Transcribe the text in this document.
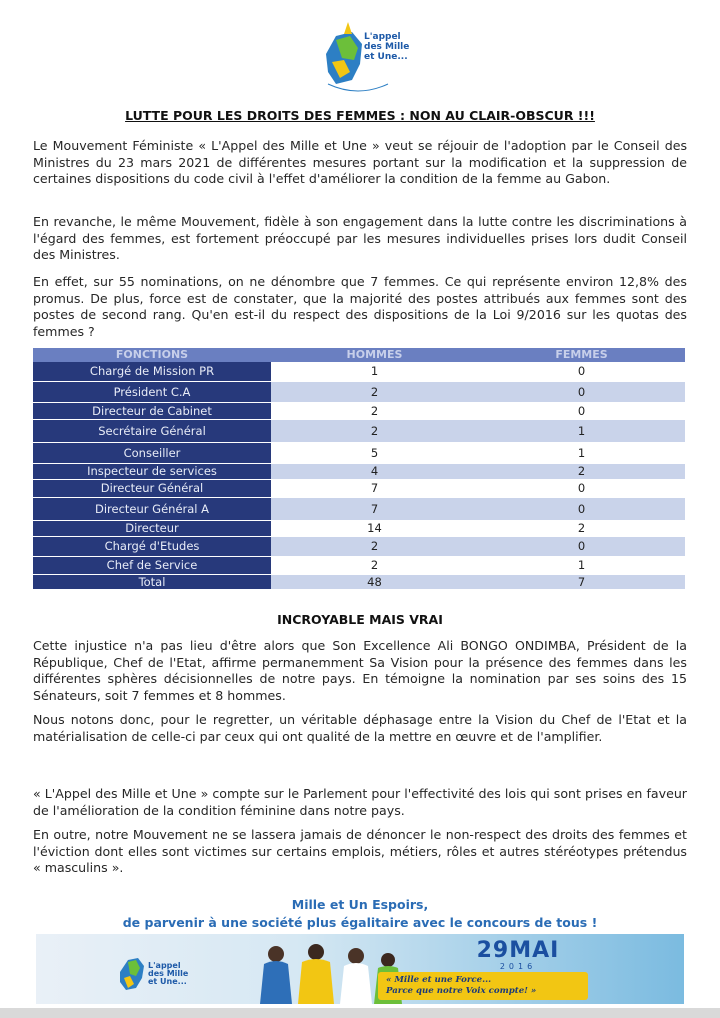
L'appel des Mille et Une...
LUTTE POUR LES DROITS DES FEMMES : NON AU CLAIR-OBSCUR !!!
Le Mouvement Féministe « L'Appel des Mille et Une » veut se réjouir de l'adoption par le Conseil des Ministres du 23 mars 2021 de différentes mesures portant sur la modification et la suppression de certaines dispositions du code civil à l'effet d'améliorer la condition de la femme au Gabon.
En revanche, le même Mouvement, fidèle à son engagement dans la lutte contre les discriminations à l'égard des femmes, est fortement préoccupé par les mesures individuelles prises lors dudit Conseil des Ministres.
En effet, sur 55 nominations, on ne dénombre que 7 femmes. Ce qui représente environ 12,8% des promus. De plus, force est de constater, que la majorité des postes attribués aux femmes sont des postes de second rang. Qu'en est-il du respect des dispositions de la Loi 9/2016 sur les quotas des femmes ?
FONCTIONS	HOMMES	FEMMES
Chargé de Mission PR	1	0
Président C.A	2	0
Directeur de Cabinet	2	0
Secrétaire Général	2	1
Conseiller	5	1
Inspecteur de services	4	2
Directeur Général	7	0
Directeur Général A	7	0
Directeur	14	2
Chargé d'Etudes	2	0
Chef de Service	2	1
Total	48	7
INCROYABLE MAIS VRAI
Cette injustice n'a pas lieu d'être alors que Son Excellence Ali BONGO ONDIMBA, Président de la République, Chef de l'Etat, affirme permanemment Sa Vision pour la présence des femmes dans les différentes sphères décisionnelles de notre pays. En témoigne la nomination par ses soins des 15 Sénateurs, soit 7 femmes et 8 hommes.
Nous notons donc, pour le regretter, un véritable déphasage entre la Vision du Chef de l'Etat et la matérialisation de celle-ci par ceux qui ont qualité de la mettre en œuvre et de l'amplifier.
« L'Appel des Mille et Une » compte sur le Parlement pour l'effectivité des lois qui sont prises en faveur de l'amélioration de la condition féminine dans notre pays.
En outre, notre Mouvement ne se lassera jamais de dénoncer le non-respect des droits des femmes et l'éviction dont elles sont victimes sur certains emplois, métiers, rôles et autres stéréotypes prétendus « masculins ».
Mille et Un Espoirs,
de parvenir à une société plus égalitaire avec le concours de tous !
L'appel des Mille et Une...
29MAI
2016
« Mille et une Force...
Parce que notre Voix compte! »
